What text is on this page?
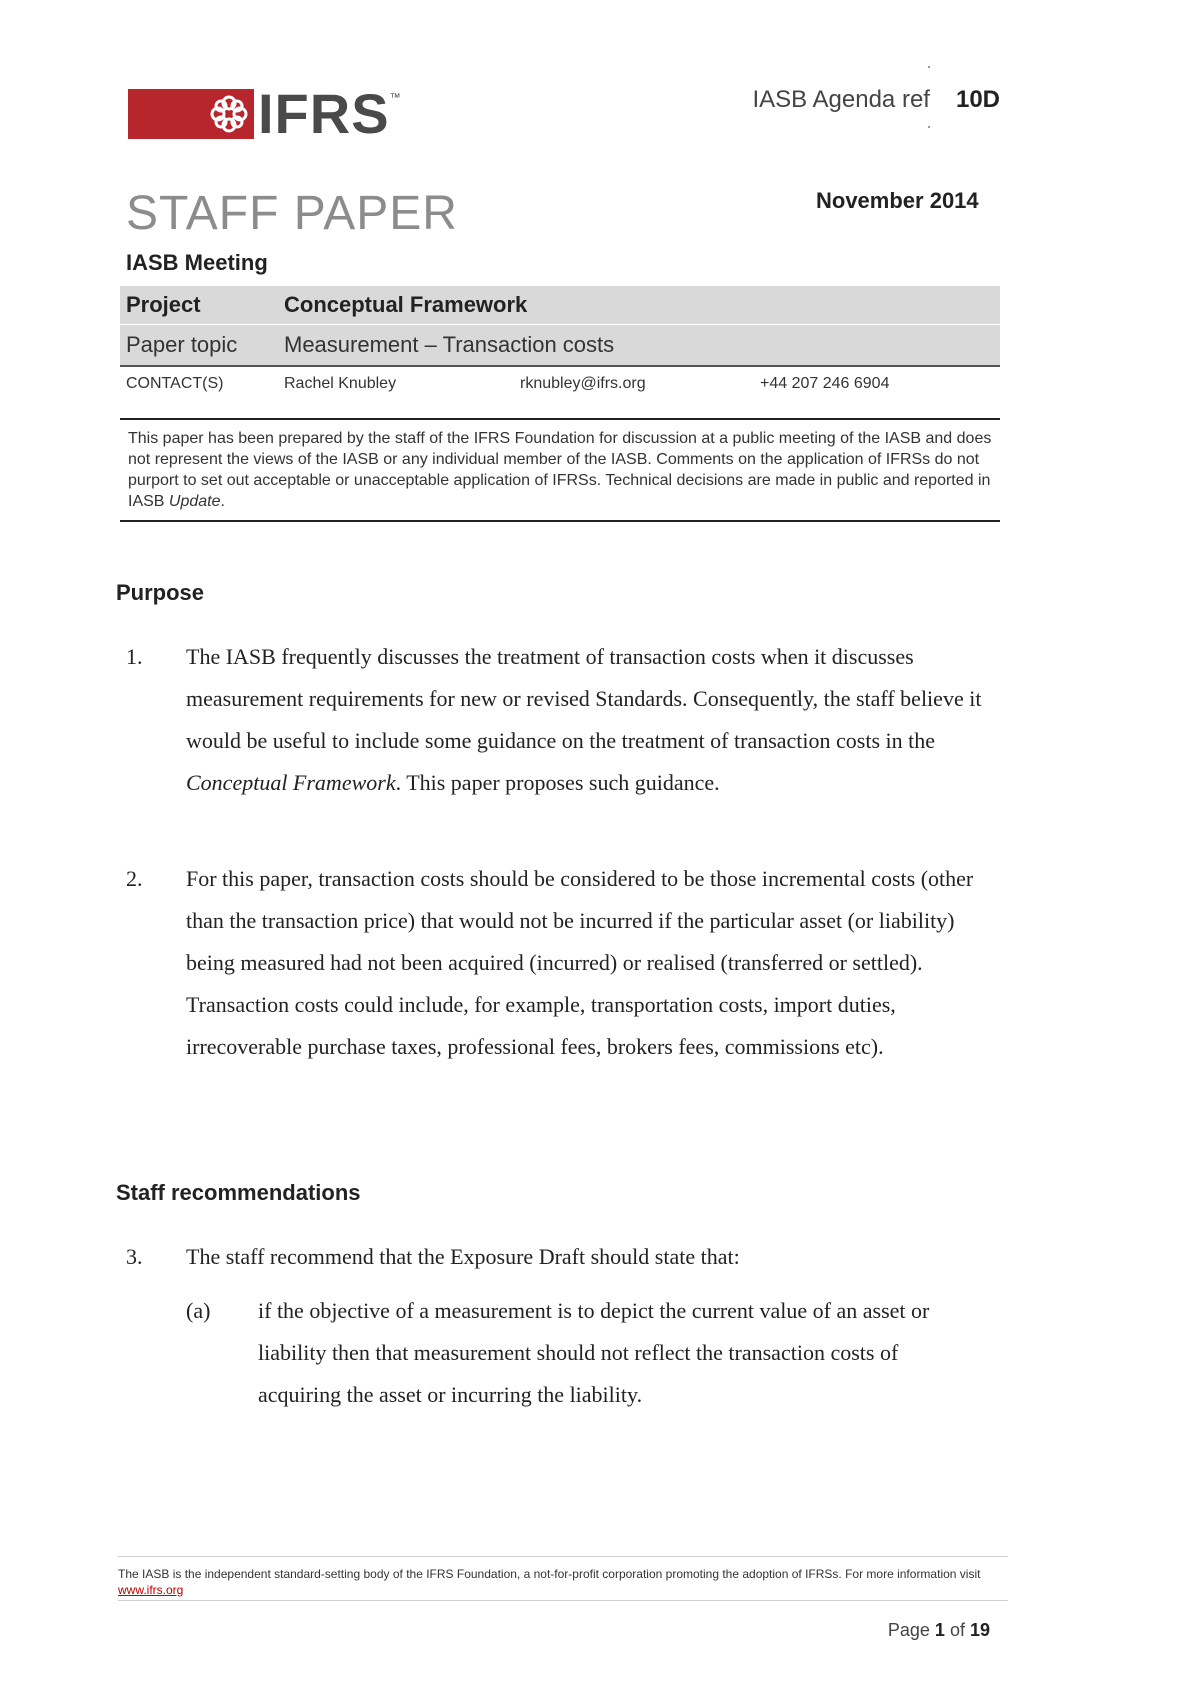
IFRS ™	IASB Agenda ref 10D
STAFF PAPER	November 2014
IASB Meeting
Project	Conceptual Framework
Paper topic	Measurement – Transaction costs
CONTACT(S)	Rachel Knubley	rknubley@ifrs.org	+44 207 246 6904
This paper has been prepared by the staff of the IFRS Foundation for discussion at a public meeting of the IASB and does not represent the views of the IASB or any individual member of the IASB. Comments on the application of IFRSs do not purport to set out acceptable or unacceptable application of IFRSs. Technical decisions are made in public and reported in IASB Update.
Purpose
1. The IASB frequently discusses the treatment of transaction costs when it discusses measurement requirements for new or revised Standards. Consequently, the staff believe it would be useful to include some guidance on the treatment of transaction costs in the Conceptual Framework. This paper proposes such guidance.
2. For this paper, transaction costs should be considered to be those incremental costs (other than the transaction price) that would not be incurred if the particular asset (or liability) being measured had not been acquired (incurred) or realised (transferred or settled). Transaction costs could include, for example, transportation costs, import duties, irrecoverable purchase taxes, professional fees, brokers fees, commissions etc).
Staff recommendations
3. The staff recommend that the Exposure Draft should state that:
(a) if the objective of a measurement is to depict the current value of an asset or liability then that measurement should not reflect the transaction costs of acquiring the asset or incurring the liability.
The IASB is the independent standard-setting body of the IFRS Foundation, a not-for-profit corporation promoting the adoption of IFRSs. For more information visit www.ifrs.org
Page 1 of 19
